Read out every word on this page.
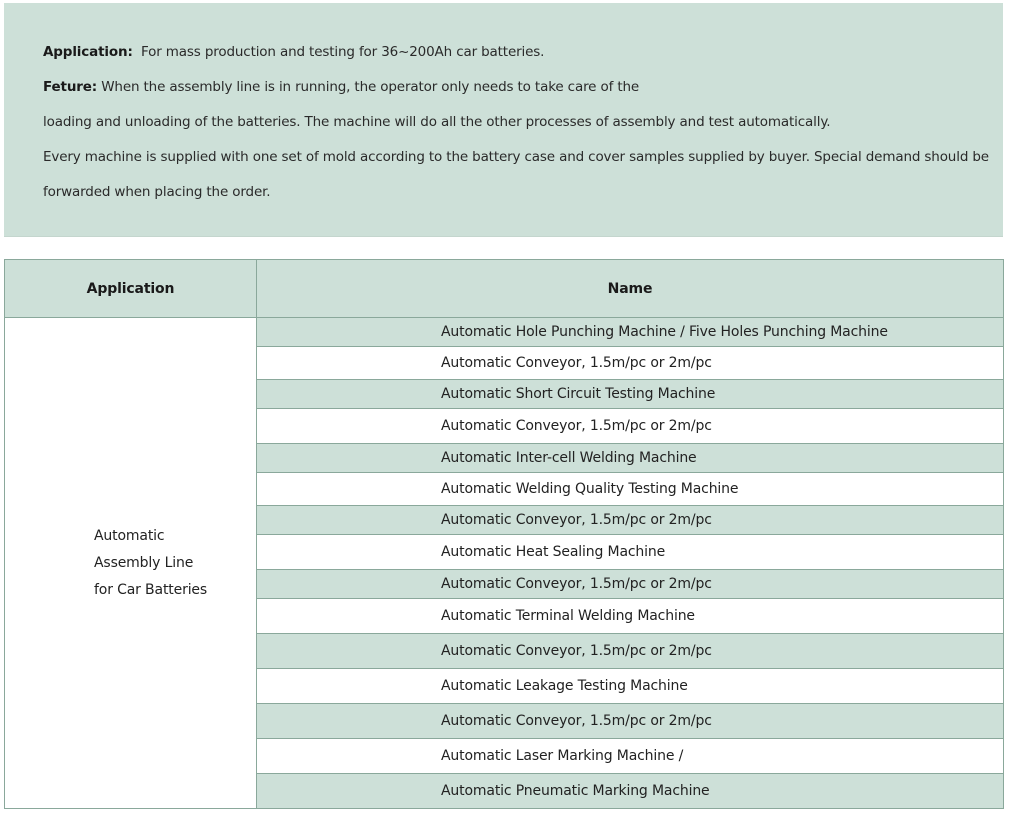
Application: For mass production and testing for 36~200Ah car batteries.
Feture: When the assembly line is in running, the operator only needs to take care of the
loading and unloading of the batteries. The machine will do all the other processes of assembly and test automatically.
Every machine is supplied with one set of mold according to the battery case and cover samples supplied by buyer. Special demand should be
forwarded when placing the order.
Application	Name

Automatic
Assembly Line
for Car Batteries	Automatic Hole Punching Machine / Five Holes Punching Machine
	Automatic Conveyor, 1.5m/pc or 2m/pc
	Automatic Short Circuit Testing Machine
	Automatic Conveyor, 1.5m/pc or 2m/pc
	Automatic Inter-cell Welding Machine
	Automatic Welding Quality Testing Machine
	Automatic Conveyor, 1.5m/pc or 2m/pc
	Automatic Heat Sealing Machine
	Automatic Conveyor, 1.5m/pc or 2m/pc
	Automatic Terminal Welding Machine
	Automatic Conveyor, 1.5m/pc or 2m/pc
	Automatic Leakage Testing Machine
	Automatic Conveyor, 1.5m/pc or 2m/pc
	Automatic Laser Marking Machine /
	Automatic Pneumatic Marking Machine
